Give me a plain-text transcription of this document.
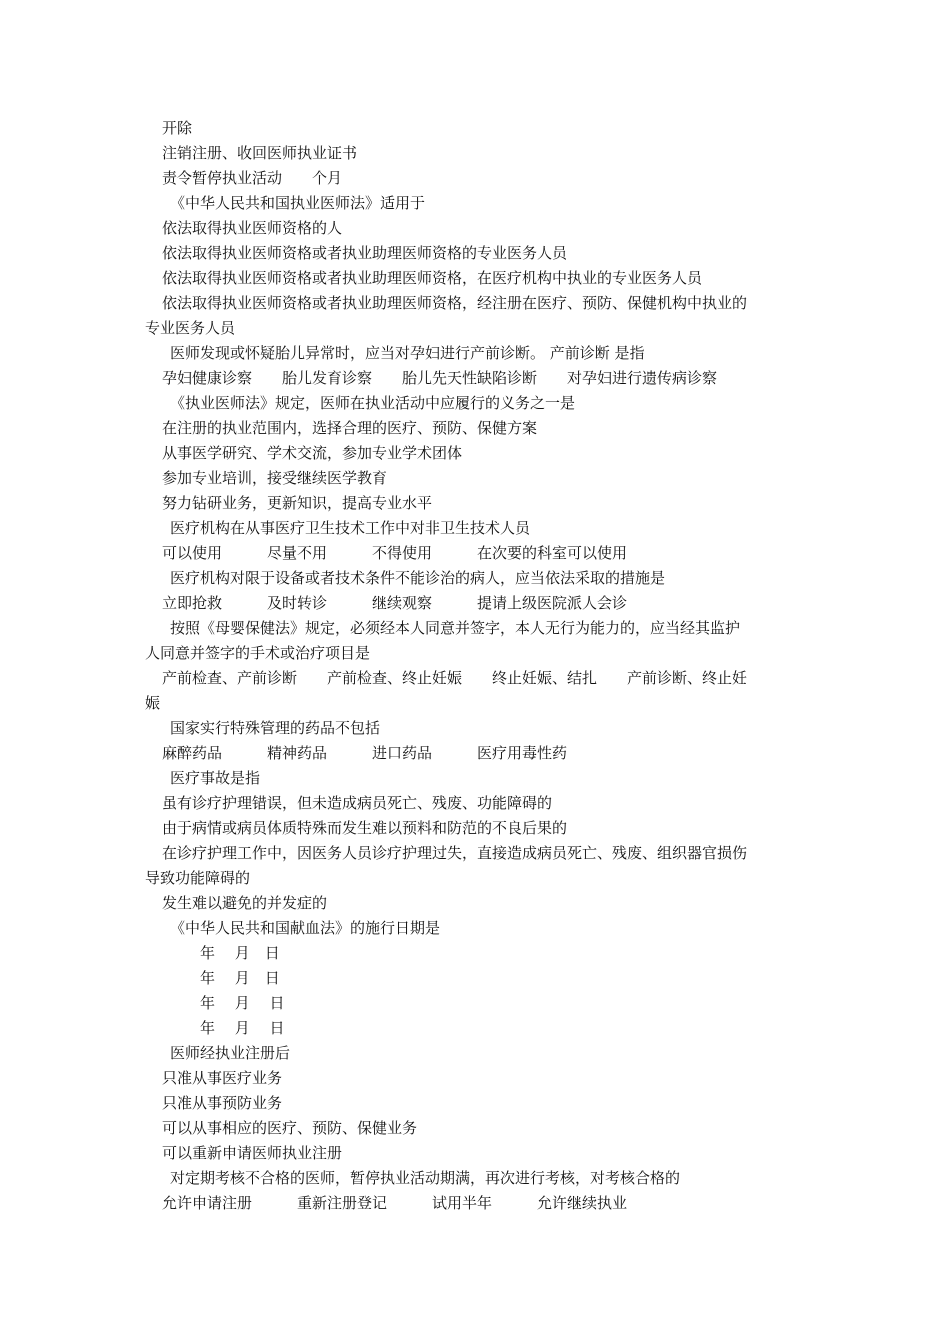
开除
注销注册、收回医师执业证书
责令暂停执业活动　　个月
《中华人民共和国执业医师法》适用于
依法取得执业医师资格的人
依法取得执业医师资格或者执业助理医师资格的专业医务人员
依法取得执业医师资格或者执业助理医师资格，在医疗机构中执业的专业医务人员
依法取得执业医师资格或者执业助理医师资格，经注册在医疗、预防、保健机构中执业的
专业医务人员
医师发现或怀疑胎儿异常时，应当对孕妇进行产前诊断。 产前诊断 是指
孕妇健康诊察　　胎儿发育诊察　　胎儿先天性缺陷诊断　　对孕妇进行遗传病诊察
《执业医师法》规定，医师在执业活动中应履行的义务之一是
在注册的执业范围内，选择合理的医疗、预防、保健方案
从事医学研究、学术交流，参加专业学术团体
参加专业培训，接受继续医学教育
努力钻研业务，更新知识，提高专业水平
医疗机构在从事医疗卫生技术工作中对非卫生技术人员
可以使用　　　尽量不用　　　不得使用　　　在次要的科室可以使用
医疗机构对限于设备或者技术条件不能诊治的病人，应当依法采取的措施是
立即抢救　　　及时转诊　　　继续观察　　　提请上级医院派人会诊
按照《母婴保健法》规定，必须经本人同意并签字，本人无行为能力的，应当经其监护
人同意并签字的手术或治疗项目是
产前检查、产前诊断　　产前检查、终止妊娠　　终止妊娠、结扎　　产前诊断、终止妊
娠
国家实行特殊管理的药品不包括
麻醉药品　　　精神药品　　　进口药品　　　医疗用毒性药
医疗事故是指
虽有诊疗护理错误，但未造成病员死亡、残废、功能障碍的
由于病情或病员体质特殊而发生难以预料和防范的不良后果的
在诊疗护理工作中，因医务人员诊疗护理过失，直接造成病员死亡、残废、组织器官损伤
导致功能障碍的
发生难以避免的并发症的
《中华人民共和国献血法》的施行日期是
年　 月　日
年　 月　日
年　 月　 日
年　 月　 日
医师经执业注册后
只准从事医疗业务
只准从事预防业务
可以从事相应的医疗、预防、保健业务
可以重新申请医师执业注册
对定期考核不合格的医师，暂停执业活动期满，再次进行考核，对考核合格的
允许申请注册　　　重新注册登记　　　试用半年　　　允许继续执业
